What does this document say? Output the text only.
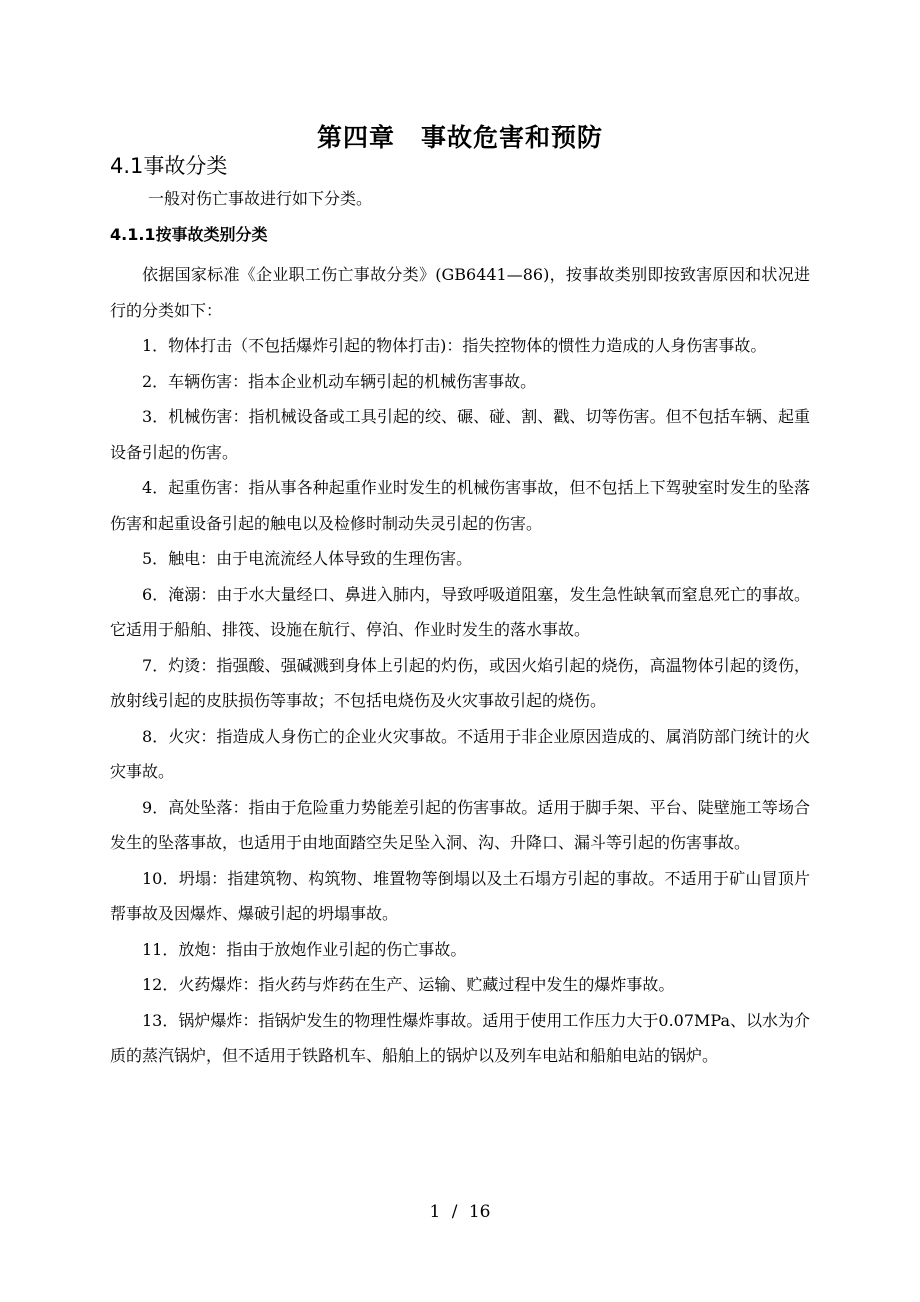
第四章 事故危害和预防
4.1事故分类
一般对伤亡事故进行如下分类。
4.1.1按事故类别分类

依据国家标准《企业职工伤亡事故分类》(GB6441—86)，按事故类别即按致害原因和状况进行的分类如下：

1．物体打击（不包括爆炸引起的物体打击)：指失控物体的惯性力造成的人身伤害事故。

2．车辆伤害：指本企业机动车辆引起的机械伤害事故。

3．机械伤害：指机械设备或工具引起的绞、碾、碰、割、戳、切等伤害。但不包括车辆、起重设备引起的伤害。

4．起重伤害：指从事各种起重作业时发生的机械伤害事故，但不包括上下驾驶室时发生的坠落伤害和起重设备引起的触电以及检修时制动失灵引起的伤害。

5．触电：由于电流流经人体导致的生理伤害。

6．淹溺：由于水大量经口、鼻进入肺内，导致呼吸道阻塞，发生急性缺氧而窒息死亡的事故。它适用于船舶、排筏、设施在航行、停泊、作业时发生的落水事故。

7．灼烫：指强酸、强碱溅到身体上引起的灼伤，或因火焰引起的烧伤，高温物体引起的烫伤，放射线引起的皮肤损伤等事故；不包括电烧伤及火灾事故引起的烧伤。

8．火灾：指造成人身伤亡的企业火灾事故。不适用于非企业原因造成的、属消防部门统计的火灾事故。

9．高处坠落：指由于危险重力势能差引起的伤害事故。适用于脚手架、平台、陡壁施工等场合发生的坠落事故，也适用于由地面踏空失足坠入洞、沟、升降口、漏斗等引起的伤害事故。

10．坍塌：指建筑物、构筑物、堆置物等倒塌以及土石塌方引起的事故。不适用于矿山冒顶片帮事故及因爆炸、爆破引起的坍塌事故。

11．放炮：指由于放炮作业引起的伤亡事故。

12．火药爆炸：指火药与炸药在生产、运输、贮藏过程中发生的爆炸事故。

13．锅炉爆炸：指锅炉发生的物理性爆炸事故。适用于使用工作压力大于0.07MPa、以水为介质的蒸汽锅炉，但不适用于铁路机车、船舶上的锅炉以及列车电站和船舶电站的锅炉。

1 / 16
